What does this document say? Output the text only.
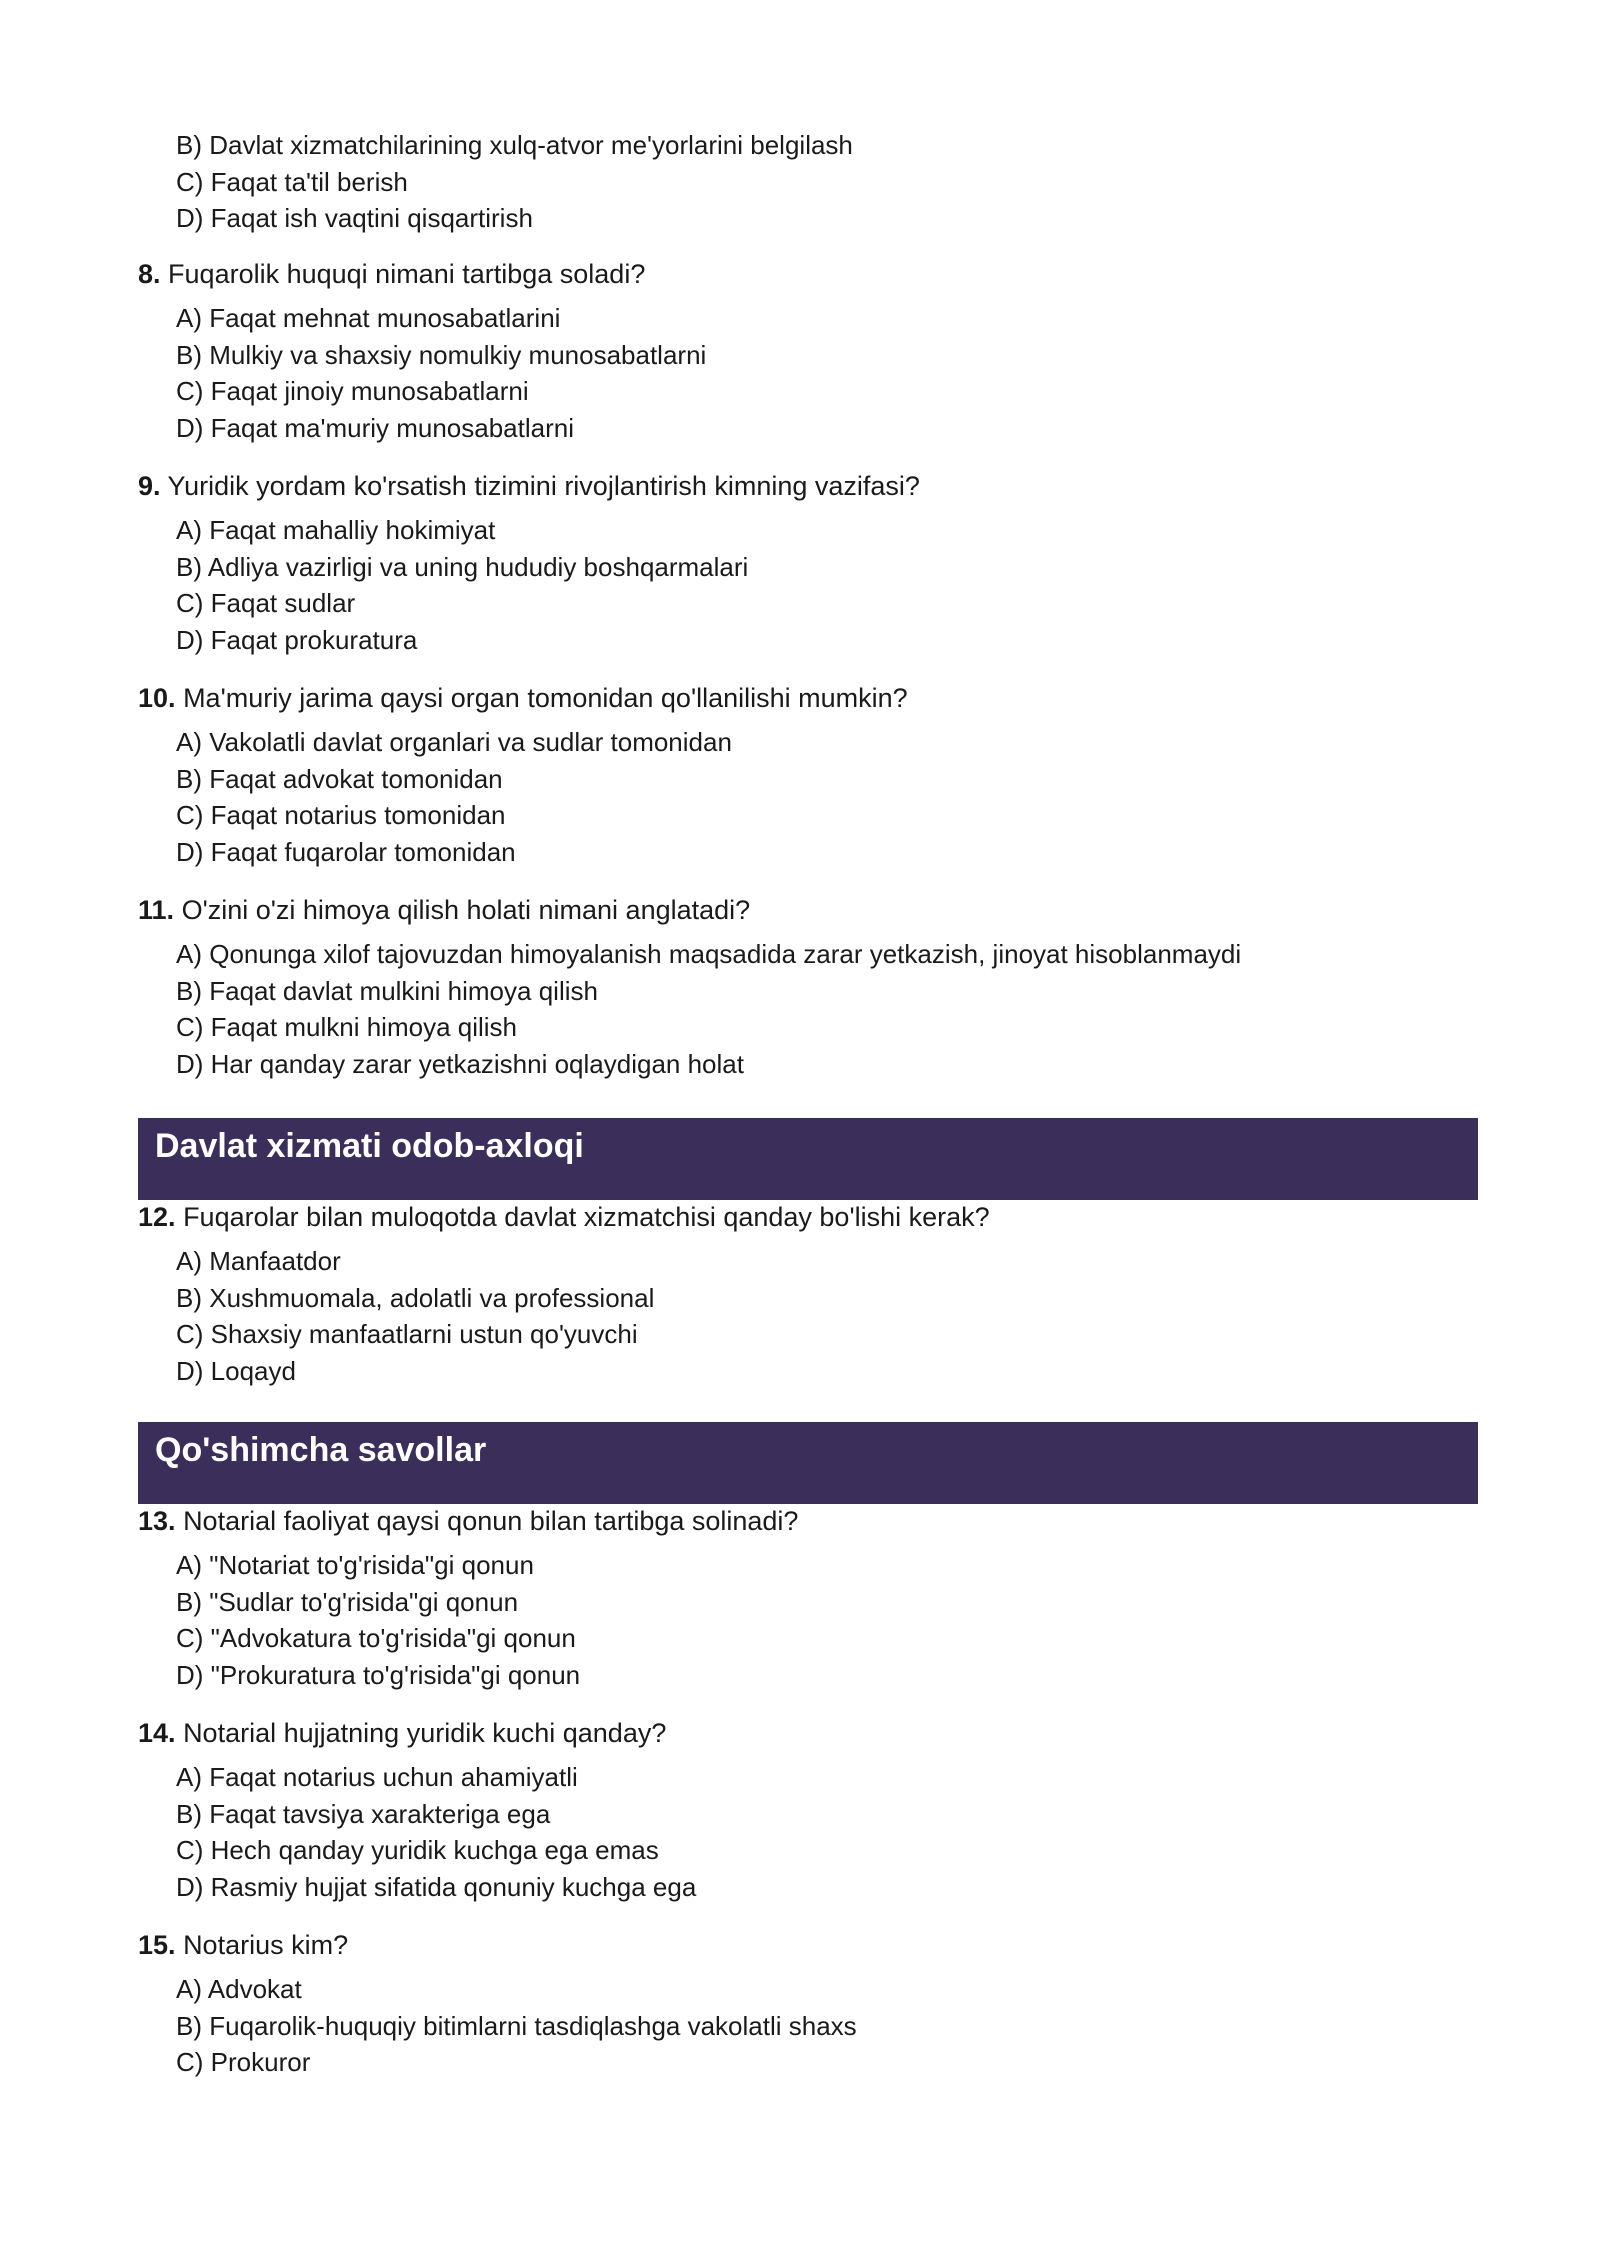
B) Davlat xizmatchilarining xulq-atvor me'yorlarini belgilash
C) Faqat ta'til berish
D) Faqat ish vaqtini qisqartirish
8. Fuqarolik huquqi nimani tartibga soladi?
A) Faqat mehnat munosabatlarini
B) Mulkiy va shaxsiy nomulkiy munosabatlarni
C) Faqat jinoiy munosabatlarni
D) Faqat ma'muriy munosabatlarni
9. Yuridik yordam ko'rsatish tizimini rivojlantirish kimning vazifasi?
A) Faqat mahalliy hokimiyat
B) Adliya vazirligi va uning hududiy boshqarmalari
C) Faqat sudlar
D) Faqat prokuratura
10. Ma'muriy jarima qaysi organ tomonidan qo'llanilishi mumkin?
A) Vakolatli davlat organlari va sudlar tomonidan
B) Faqat advokat tomonidan
C) Faqat notarius tomonidan
D) Faqat fuqarolar tomonidan
11. O'zini o'zi himoya qilish holati nimani anglatadi?
A) Qonunga xilof tajovuzdan himoyalanish maqsadida zarar yetkazish, jinoyat hisoblanmaydi
B) Faqat davlat mulkini himoya qilish
C) Faqat mulkni himoya qilish
D) Har qanday zarar yetkazishni oqlaydigan holat
Davlat xizmati odob-axloqi
12. Fuqarolar bilan muloqotda davlat xizmatchisi qanday bo'lishi kerak?
A) Manfaatdor
B) Xushmuomala, adolatli va professional
C) Shaxsiy manfaatlarni ustun qo'yuvchi
D) Loqayd
Qo'shimcha savollar
13. Notarial faoliyat qaysi qonun bilan tartibga solinadi?
A) "Notariat to'g'risida"gi qonun
B) "Sudlar to'g'risida"gi qonun
C) "Advokatura to'g'risida"gi qonun
D) "Prokuratura to'g'risida"gi qonun
14. Notarial hujjatning yuridik kuchi qanday?
A) Faqat notarius uchun ahamiyatli
B) Faqat tavsiya xarakteriga ega
C) Hech qanday yuridik kuchga ega emas
D) Rasmiy hujjat sifatida qonuniy kuchga ega
15. Notarius kim?
A) Advokat
B) Fuqarolik-huquqiy bitimlarni tasdiqlashga vakolatli shaxs
C) Prokuror
